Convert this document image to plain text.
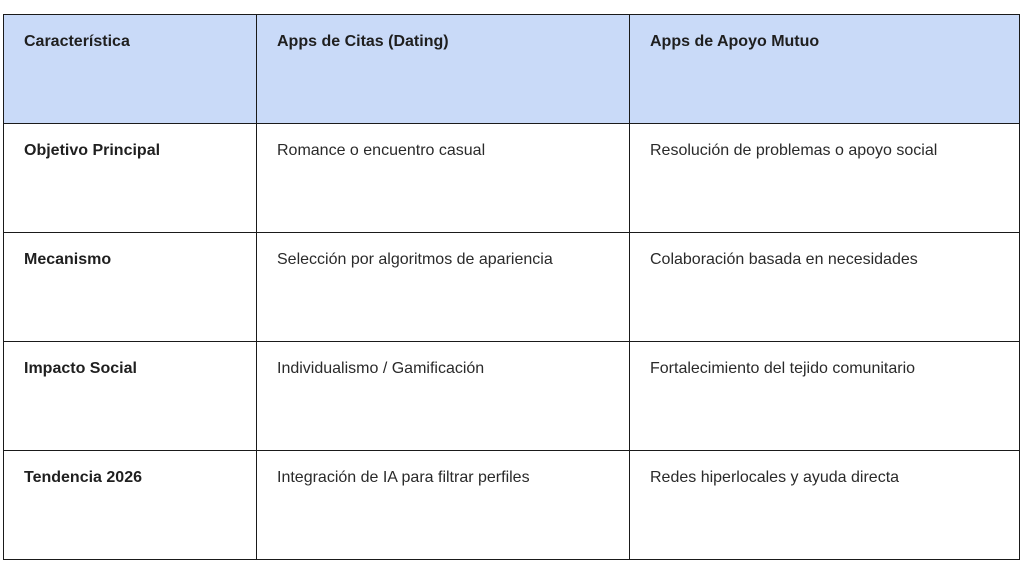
Característica	Apps de Citas (Dating)	Apps de Apoyo Mutuo
Objetivo Principal	Romance o encuentro casual	Resolución de problemas o apoyo social
Mecanismo	Selección por algoritmos de apariencia	Colaboración basada en necesidades
Impacto Social	Individualismo / Gamificación	Fortalecimiento del tejido comunitario
Tendencia 2026	Integración de IA para filtrar perfiles	Redes hiperlocales y ayuda directa
